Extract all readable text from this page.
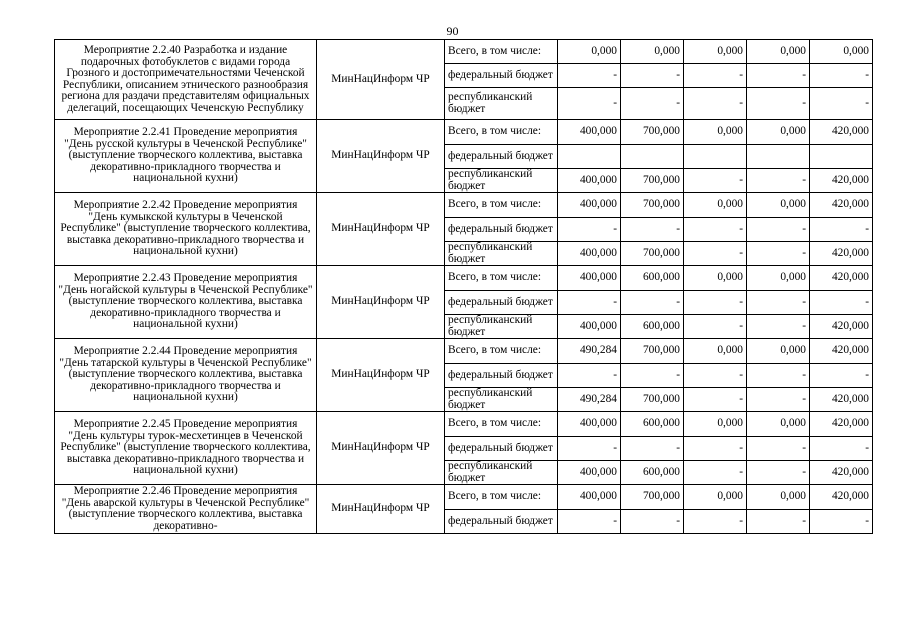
90
Мероприятие 2.2.40 Разработка и издание подарочных фотобуклетов с видами города Грозного и достопримечательностями Чеченской Республики, описанием этнического разнообразия региона для раздачи представителям официальных делегаций, посещающих Чеченскую Республику	МинНацИнформ ЧР	Всего, в том числе:	0,000	0,000	0,000	0,000	0,000
		федеральный бюджет	-	-	-	-	-
		республиканский бюджет	-	-	-	-	-
Мероприятие 2.2.41 Проведение мероприятия "День русской культуры в Чеченской Республике" (выступление творческого коллектива, выставка декоративно-прикладного творчества и национальной кухни)	МинНацИнформ ЧР	Всего, в том числе:	400,000	700,000	0,000	0,000	420,000
		федеральный бюджет					
		республиканский бюджет	400,000	700,000	-	-	420,000
Мероприятие 2.2.42 Проведение мероприятия "День кумыкской культуры в Чеченской Республике" (выступление творческого коллектива, выставка декоративно-прикладного творчества и национальной кухни)	МинНацИнформ ЧР	Всего, в том числе:	400,000	700,000	0,000	0,000	420,000
		федеральный бюджет	-	-	-	-	-
		республиканский бюджет	400,000	700,000	-	-	420,000
Мероприятие 2.2.43 Проведение мероприятия "День ногайской культуры в Чеченской Республике" (выступление творческого коллектива, выставка декоративно-прикладного творчества и национальной кухни)	МинНацИнформ ЧР	Всего, в том числе:	400,000	600,000	0,000	0,000	420,000
		федеральный бюджет	-	-	-	-	-
		республиканский бюджет	400,000	600,000	-	-	420,000
Мероприятие 2.2.44 Проведение мероприятия "День татарской культуры в Чеченской Республике" (выступление творческого коллектива, выставка декоративно-прикладного творчества и национальной кухни)	МинНацИнформ ЧР	Всего, в том числе:	490,284	700,000	0,000	0,000	420,000
		федеральный бюджет	-	-	-	-	-
		республиканский бюджет	490,284	700,000	-	-	420,000
Мероприятие 2.2.45 Проведение мероприятия "День культуры турок-месхетинцев в Чеченской Республике" (выступление творческого коллектива, выставка декоративно-прикладного творчества и национальной кухни)	МинНацИнформ ЧР	Всего, в том числе:	400,000	600,000	0,000	0,000	420,000
		федеральный бюджет	-	-	-	-	-
		республиканский бюджет	400,000	600,000	-	-	420,000
Мероприятие 2.2.46 Проведение мероприятия "День аварской культуры в Чеченской Республике" (выступление творческого коллектива, выставка декоративно-	МинНацИнформ ЧР	Всего, в том числе:	400,000	700,000	0,000	0,000	420,000
		федеральный бюджет	-	-	-	-	-
